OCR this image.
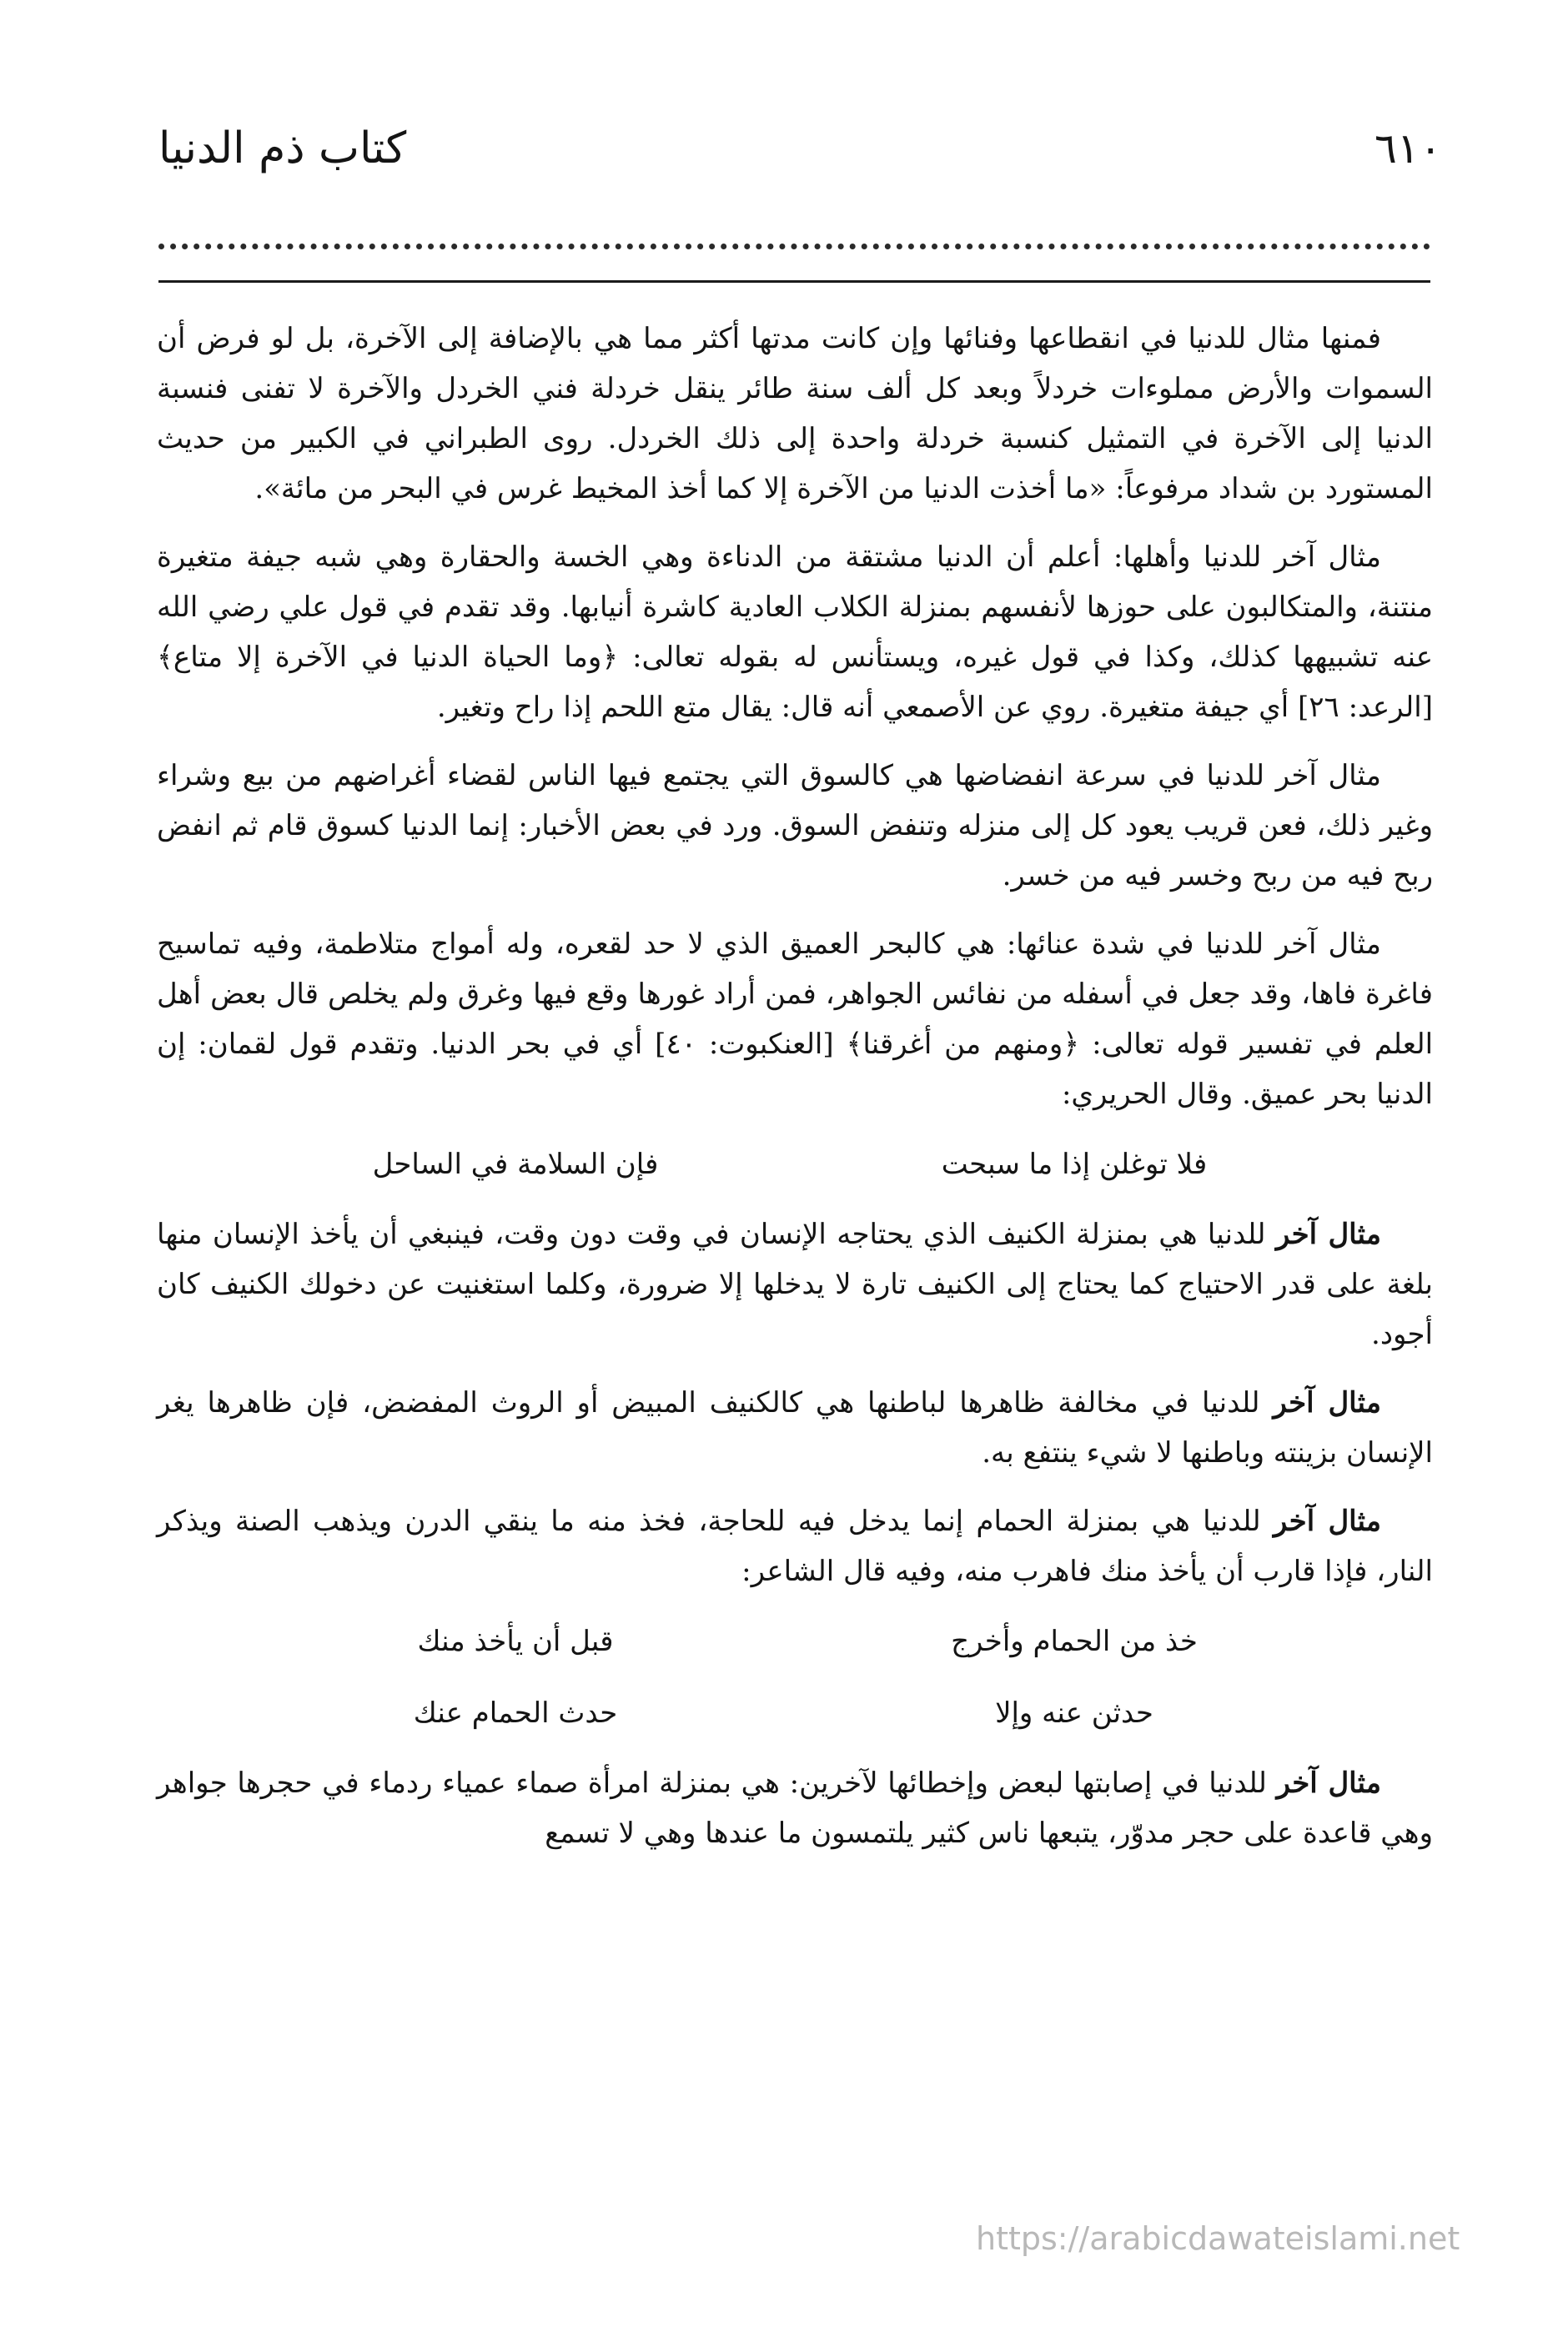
٦١٠
كتاب ذم الدنيا

فمنها مثال للدنيا في انقطاعها وفنائها وإن كانت مدتها أكثر مما هي بالإضافة إلى الآخرة، بل لو فرض أن السموات والأرض مملوءات خردلاً وبعد كل ألف سنة طائر ينقل خردلة فني الخردل والآخرة لا تفنى فنسبة الدنيا إلى الآخرة في التمثيل كنسبة خردلة واحدة إلى ذلك الخردل. روى الطبراني في الكبير من حديث المستورد بن شداد مرفوعاً: «ما أخذت الدنيا من الآخرة إلا كما أخذ المخيط غرس في البحر من مائة».

مثال آخر للدنيا وأهلها: أعلم أن الدنيا مشتقة من الدناءة وهي الخسة والحقارة وهي شبه جيفة متغيرة منتنة، والمتكالبون على حوزها لأنفسهم بمنزلة الكلاب العادية كاشرة أنيابها. وقد تقدم في قول علي رضي الله عنه تشبيهها كذلك، وكذا في قول غيره، ويستأنس له بقوله تعالى: ﴿وما الحياة الدنيا في الآخرة إلا متاع﴾ [الرعد: ٢٦] أي جيفة متغيرة. روي عن الأصمعي أنه قال: يقال متع اللحم إذا راح وتغير.

مثال آخر للدنيا في سرعة انفضاضها هي كالسوق التي يجتمع فيها الناس لقضاء أغراضهم من بيع وشراء وغير ذلك، فعن قريب يعود كل إلى منزله وتنفض السوق. ورد في بعض الأخبار: إنما الدنيا كسوق قام ثم انفض ربح فيه من ربح وخسر فيه من خسر.

مثال آخر للدنيا في شدة عنائها: هي كالبحر العميق الذي لا حد لقعره، وله أمواج متلاطمة، وفيه تماسيح فاغرة فاها، وقد جعل في أسفله من نفائس الجواهر، فمن أراد غورها وقع فيها وغرق ولم يخلص قال بعض أهل العلم في تفسير قوله تعالى: ﴿ومنهم من أغرقنا﴾ [العنكبوت: ٤٠] أي في بحر الدنيا. وتقدم قول لقمان: إن الدنيا بحر عميق. وقال الحريري:

فلا توغلن إذا ما سبحت
فإن السلامة في الساحل

مثال آخر للدنيا هي بمنزلة الكنيف الذي يحتاجه الإنسان في وقت دون وقت، فينبغي أن يأخذ الإنسان منها بلغة على قدر الاحتياج كما يحتاج إلى الكنيف تارة لا يدخلها إلا ضرورة، وكلما استغنيت عن دخولك الكنيف كان أجود.

مثال آخر للدنيا في مخالفة ظاهرها لباطنها هي كالكنيف المبيض أو الروث المفضض، فإن ظاهرها يغر الإنسان بزينته وباطنها لا شيء ينتفع به.

مثال آخر للدنيا هي بمنزلة الحمام إنما يدخل فيه للحاجة، فخذ منه ما ينقي الدرن ويذهب الصنة ويذكر النار، فإذا قارب أن يأخذ منك فاهرب منه، وفيه قال الشاعر:

خذ من الحمام وأخرج
قبل أن يأخذ منك
حدثن عنه وإلا
حدث الحمام عنك

مثال آخر للدنيا في إصابتها لبعض وإخطائها لآخرين: هي بمنزلة امرأة صماء عمياء ردماء في حجرها جواهر وهي قاعدة على حجر مدوّر، يتبعها ناس كثير يلتمسون ما عندها وهي لا تسمع

https://arabicdawateislami.net
